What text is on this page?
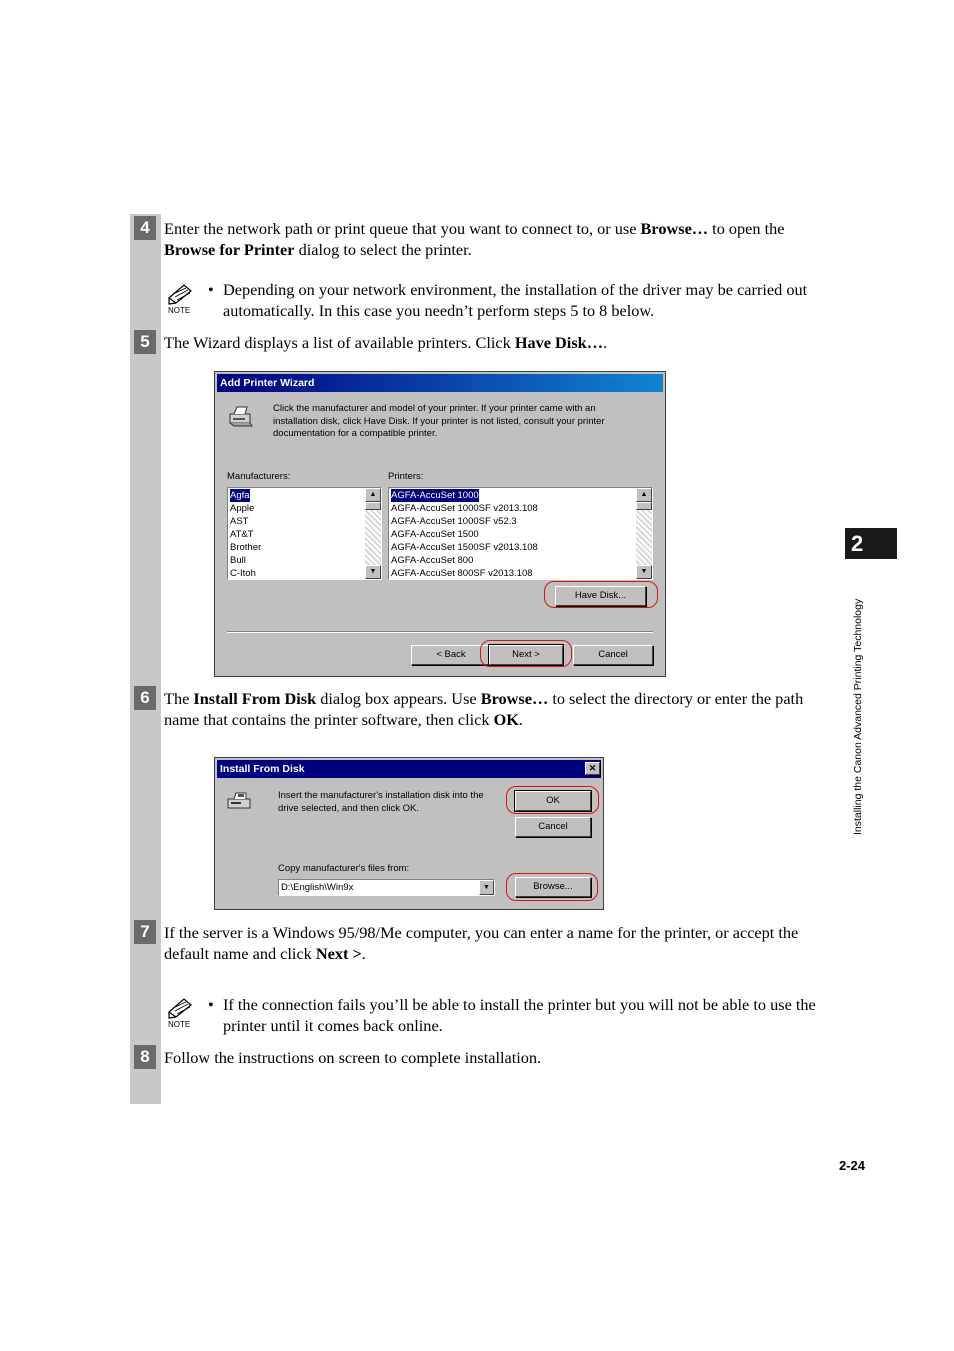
4 Enter the network path or print queue that you want to connect to, or use Browse… to open the Browse for Printer dialog to select the printer.
NOTE
• Depending on your network environment, the installation of the driver may be carried out automatically. In this case you needn’t perform steps 5 to 8 below.
5 The Wizard displays a list of available printers. Click Have Disk….
Add Printer Wizard
Click the manufacturer and model of your printer. If your printer came with an installation disk, click Have Disk. If your printer is not listed, consult your printer documentation for a compatible printer.
Manufacturers:	Printers:
Agfa
Apple
AST
AT&T
Brother
Bull
C-Itoh
▲
▼
AGFA-AccuSet 1000
AGFA-AccuSet 1000SF v2013.108
AGFA-AccuSet 1000SF v52.3
AGFA-AccuSet 1500
AGFA-AccuSet 1500SF v2013.108
AGFA-AccuSet 800
AGFA-AccuSet 800SF v2013.108
▲
▼
Have Disk...
< Back	Next >	Cancel
6 The Install From Disk dialog box appears. Use Browse… to select the directory or enter the path name that contains the printer software, then click OK.
Install From Disk	✕
Insert the manufacturer's installation disk into the drive selected, and then click OK.
OK
Cancel
Copy manufacturer's files from:
D:\English\Win9x	▼	Browse...
7 If the server is a Windows 95/98/Me computer, you can enter a name for the printer, or accept the default name and click Next >.
NOTE
• If the connection fails you’ll be able to install the printer but you will not be able to use the printer until it comes back online.
8 Follow the instructions on screen to complete installation.
2
Installing the Canon Advanced Printing Technology
2-24
